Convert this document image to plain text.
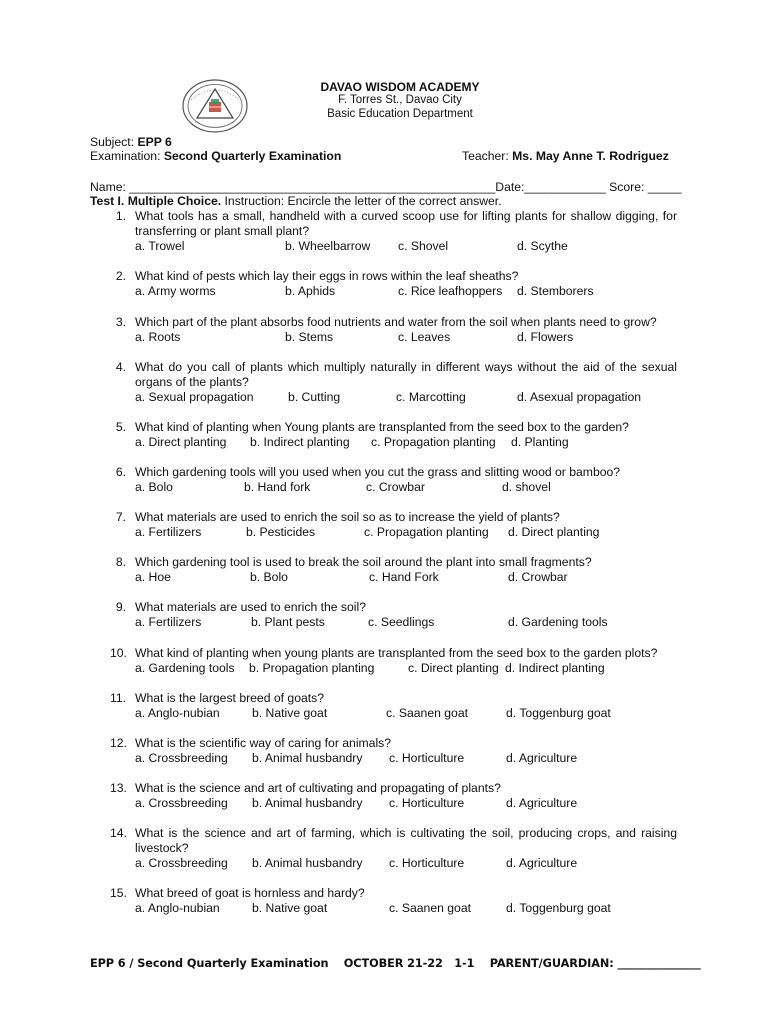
DAVAO WISDOM ACADEMY
F. Torres St., Davao City
Basic Education Department
Subject: EPP 6
Examination: Second Quarterly Examination	Teacher: Ms. May Anne T. Rodriguez
Name: ______________________________________________________Date:____________ Score: _____
Test I. Multiple Choice. Instruction: Encircle the letter of the correct answer.
1. What tools has a small, handheld with a curved scoop use for lifting plants for shallow digging, for transferring or plant small plant?
a. Trowel	b. Wheelbarrow c. Shovel	d. Scythe
2. What kind of pests which lay their eggs in rows within the leaf sheaths?
a. Army worms	b. Aphids	c. Rice leafhoppers d. Stemborers
3. Which part of the plant absorbs food nutrients and water from the soil when plants need to grow?
a. Roots	b. Stems	c. Leaves	d. Flowers
4. What do you call of plants which multiply naturally in different ways without the aid of the sexual organs of the plants?
a. Sexual propagation	b. Cutting	c. Marcotting	d. Asexual propagation
5. What kind of planting when Young plants are transplanted from the seed box to the garden?
a. Direct planting b. Indirect planting c. Propagation planting d. Planting
6. Which gardening tools will you used when you cut the grass and slitting wood or bamboo?
a. Bolo	b. Hand fork	c. Crowbar	d. shovel
7. What materials are used to enrich the soil so as to increase the yield of plants?
a. Fertilizers	b. Pesticides	c. Propagation planting d. Direct planting
8. Which gardening tool is used to break the soil around the plant into small fragments?
a. Hoe	b. Bolo	c. Hand Fork	d. Crowbar
9. What materials are used to enrich the soil?
a. Fertilizers	b. Plant pests	c. Seedlings	d. Gardening tools
10. What kind of planting when young plants are transplanted from the seed box to the garden plots?
a. Gardening tools b. Propagation planting	c. Direct planting d. Indirect planting
11. What is the largest breed of goats?
a. Anglo-nubian	b. Native goat	c. Saanen goat	d. Toggenburg goat
12. What is the scientific way of caring for animals?
a. Crossbreeding b. Animal husbandry c. Horticulture	d. Agriculture
13. What is the science and art of cultivating and propagating of plants?
a. Crossbreeding b. Animal husbandry c. Horticulture	d. Agriculture
14. What is the science and art of farming, which is cultivating the soil, producing crops, and raising livestock?
a. Crossbreeding b. Animal husbandry c. Horticulture	d. Agriculture
15. What breed of goat is hornless and hardy?
a. Anglo-nubian	b. Native goat	c. Saanen goat	d. Toggenburg goat
EPP 6 / Second Quarterly Examination    OCTOBER 21-22   1-1    PARENT/GUARDIAN: _______________
